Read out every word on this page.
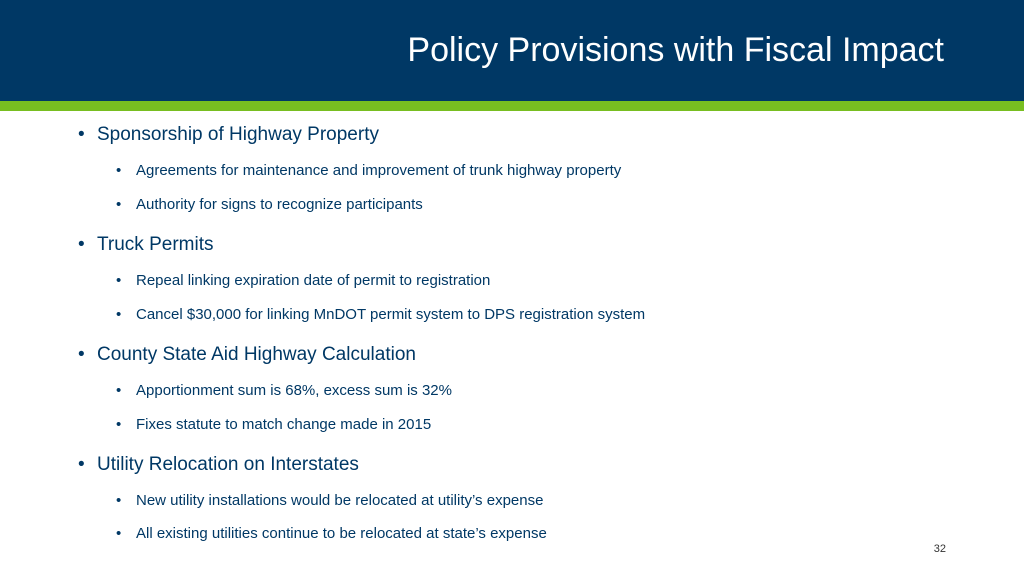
Policy Provisions with Fiscal Impact
• Sponsorship of Highway Property
• Agreements for maintenance and improvement of trunk highway property
• Authority for signs to recognize participants
• Truck Permits
• Repeal linking expiration date of permit to registration
• Cancel $30,000 for linking MnDOT permit system to DPS registration system
• County State Aid Highway Calculation
• Apportionment sum is 68%, excess sum is 32%
• Fixes statute to match change made in 2015
• Utility Relocation on Interstates
• New utility installations would be relocated at utility’s expense
• All existing utilities continue to be relocated at state’s expense
32
